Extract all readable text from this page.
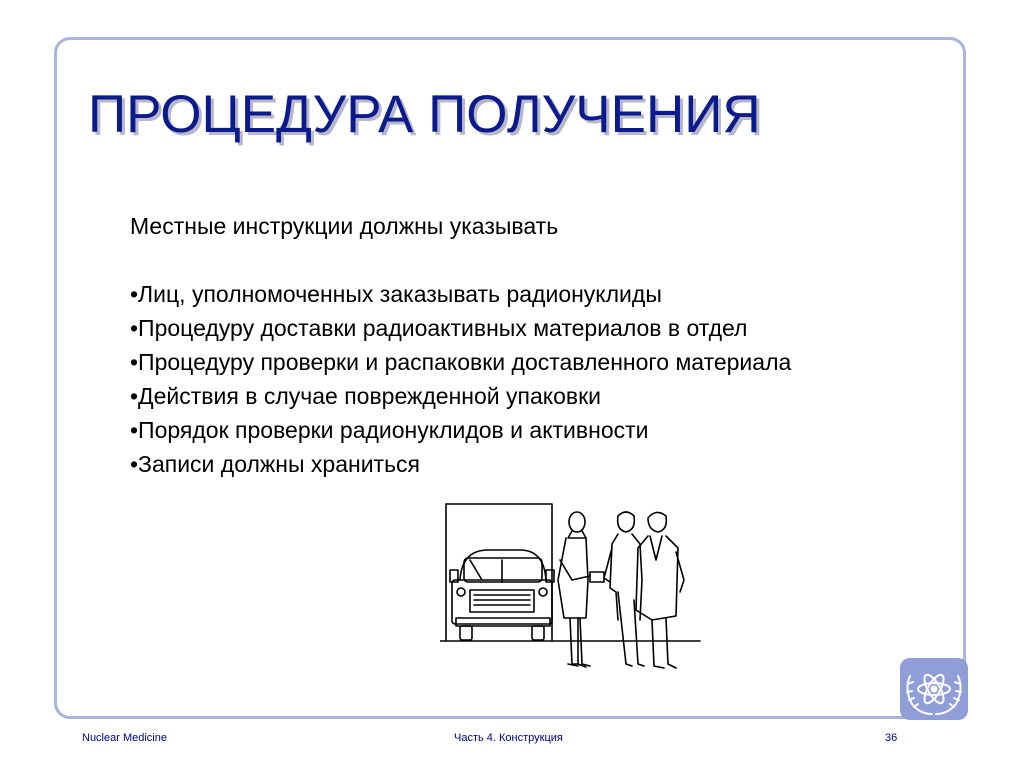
ПРОЦЕДУРА ПОЛУЧЕНИЯ

Местные инструкции должны указывать

•Лиц, уполномоченных заказывать радионуклиды
•Процедуру доставки радиоактивных материалов в отдел
•Процедуру проверки и распаковки доставленного материала
•Действия в случае поврежденной упаковки
•Порядок проверки радионуклидов и активности
•Записи должны храниться
Nuclear Medicine	Часть 4. Конструкция	36
